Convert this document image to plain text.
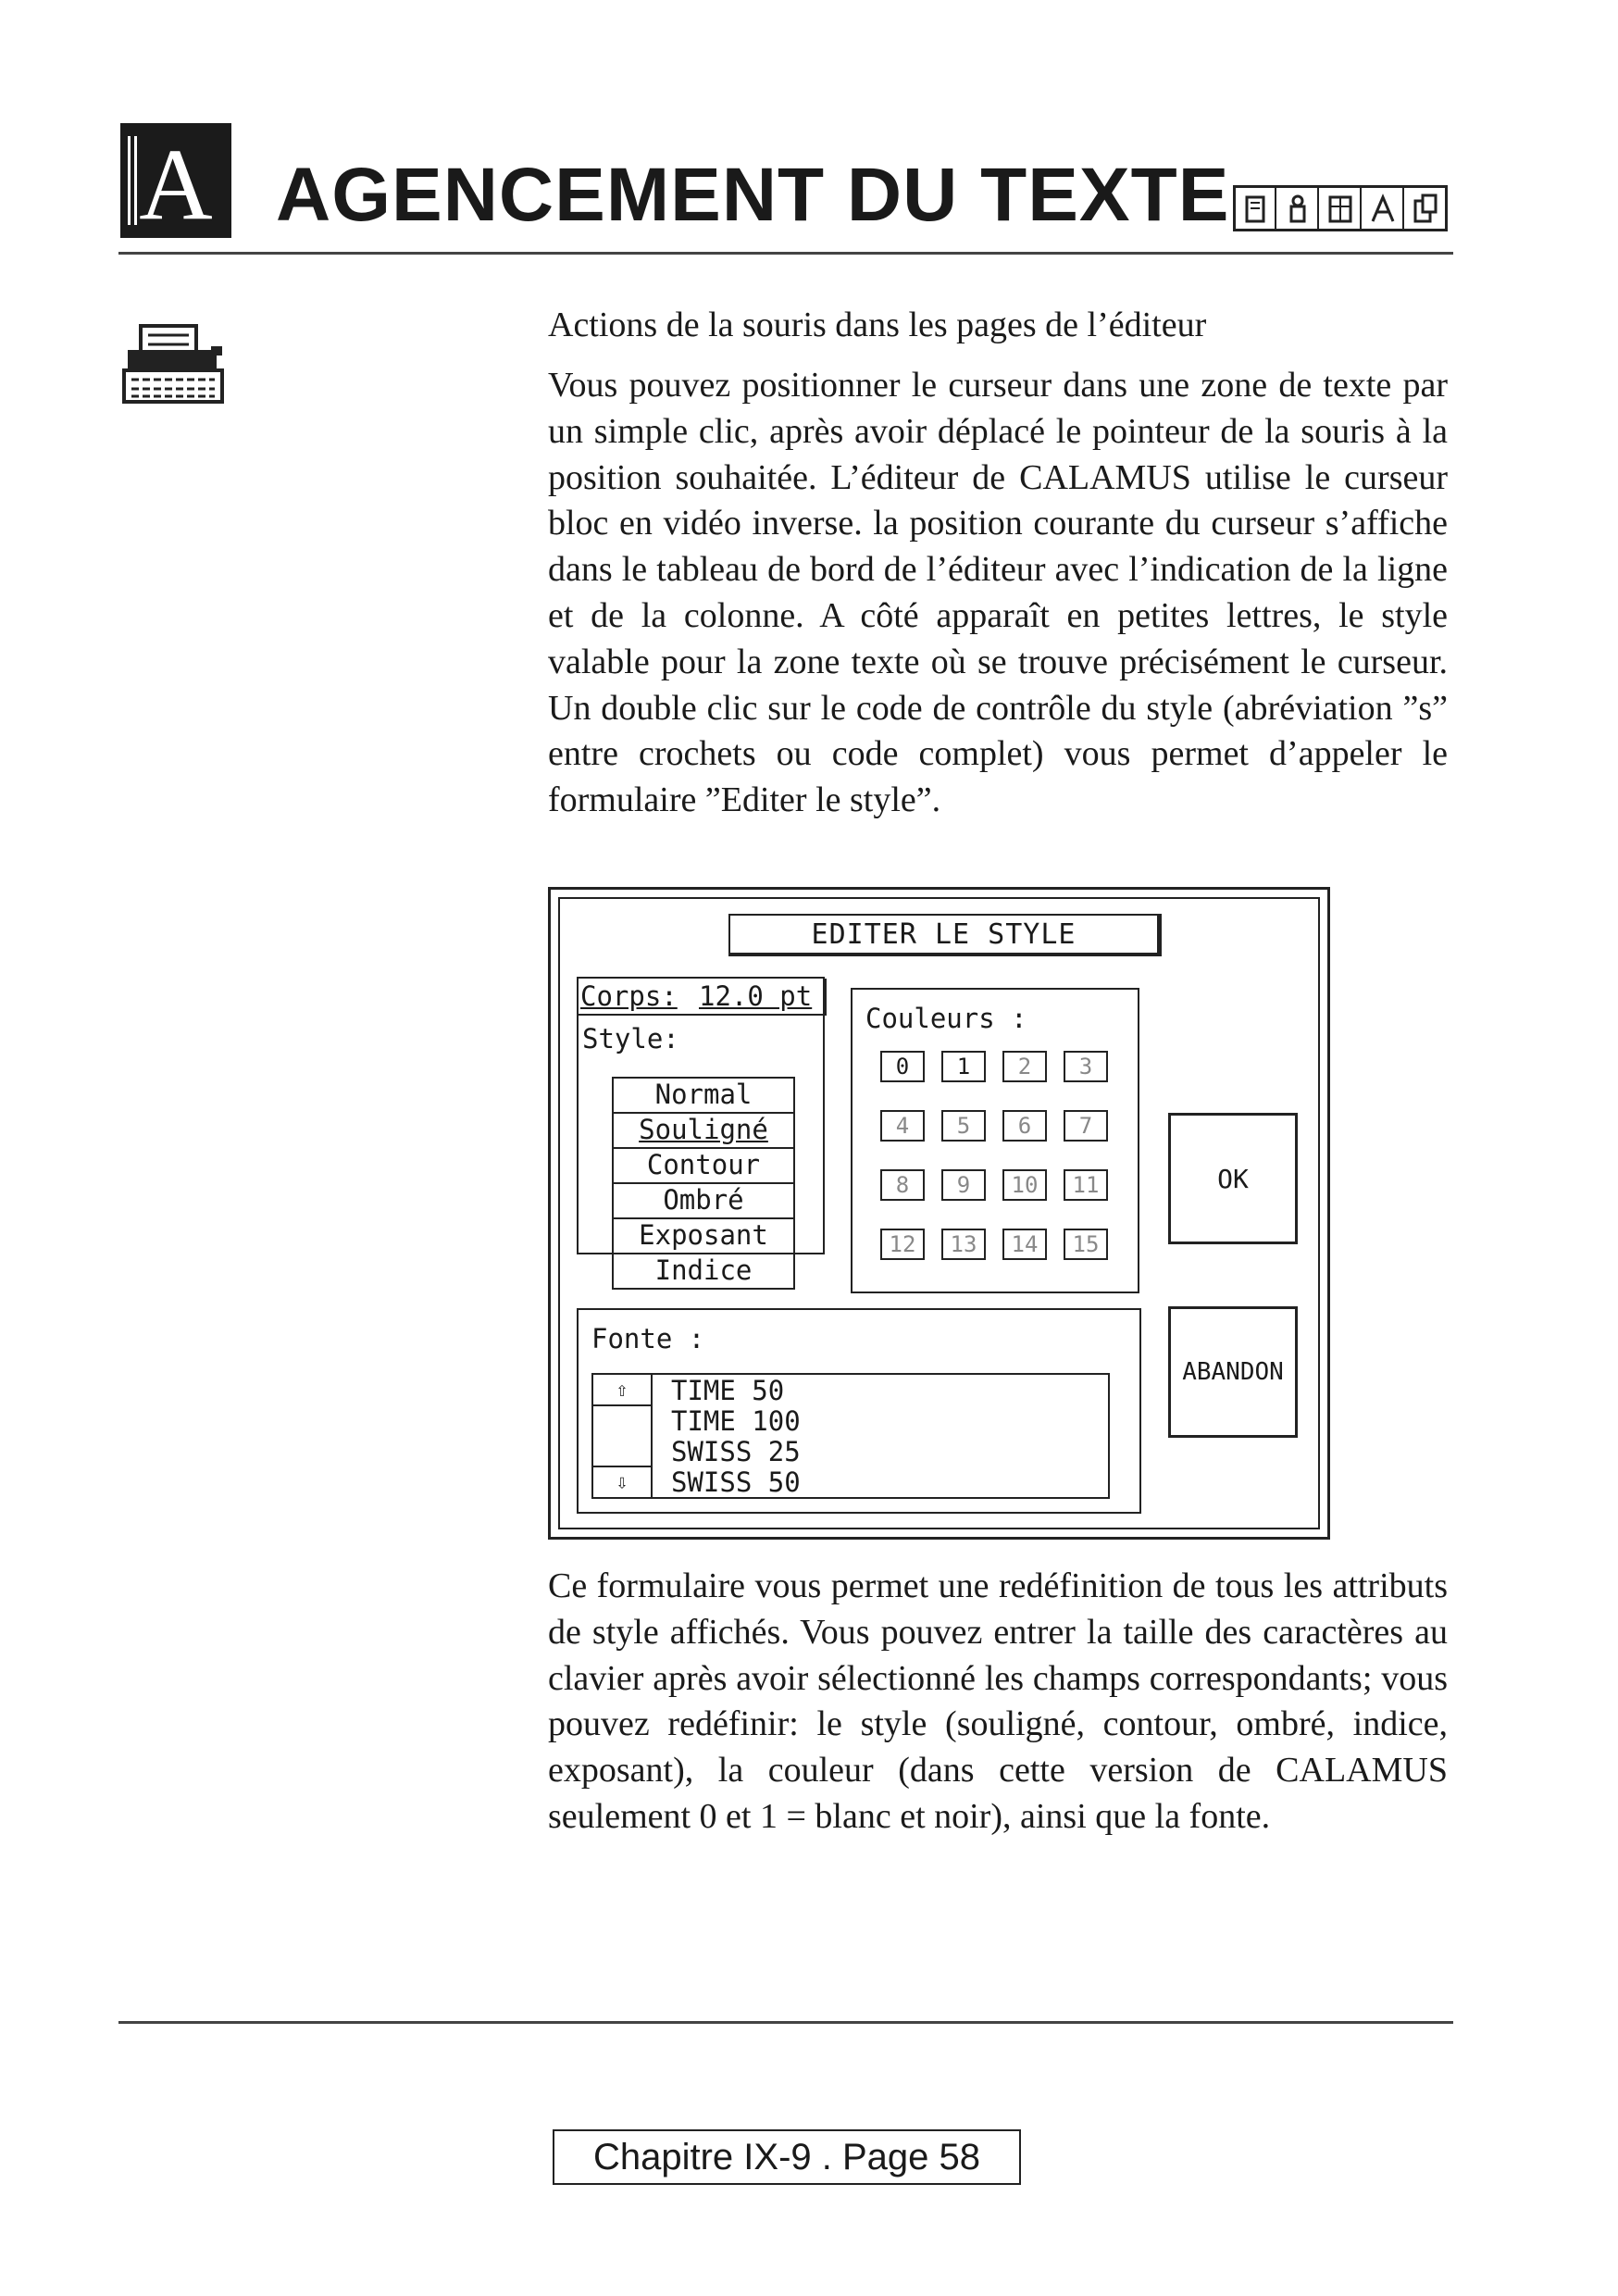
A AGENCEMENT DU TEXTE

Actions de la souris dans les pages de l’éditeur

Vous pouvez positionner le curseur dans une zone de texte par un simple clic, après avoir déplacé le pointeur de la souris à la position souhaitée. L’éditeur de CALAMUS utilise le curseur bloc en vidéo inverse. la position courante du curseur s’affiche dans le tableau de bord de l’éditeur avec l’indication de la ligne et de la colonne. A côté apparaît en petites lettres, le style valable pour la zone texte où se trouve précisément le curseur. Un double clic sur le code de contrôle du style (abréviation ”s” entre crochets ou code complet) vous permet d’appeler le formulaire ”Editer le style”.

EDITER LE STYLE
Corps: 12.0 pt
Style:
Normal
Souligné
Contour
Ombré
Exposant
Indice
Couleurs :
0	1	2	3
4	5	6	7
8	9	10	11
12	13	14	15
OK
ABANDON
Fonte :
⇧
⇩
TIME 50
TIME 100
SWISS 25
SWISS 50

Ce formulaire vous permet une redéfinition de tous les attributs de style affichés. Vous pouvez entrer la taille des caractères au clavier après avoir sélectionné les champs correspondants; vous pouvez redéfinir: le style (souligné, contour, ombré, indice, exposant), la couleur (dans cette version de CALAMUS seulement 0 et 1 = blanc et noir), ainsi que la fonte.

Chapitre IX-9 . Page 58
